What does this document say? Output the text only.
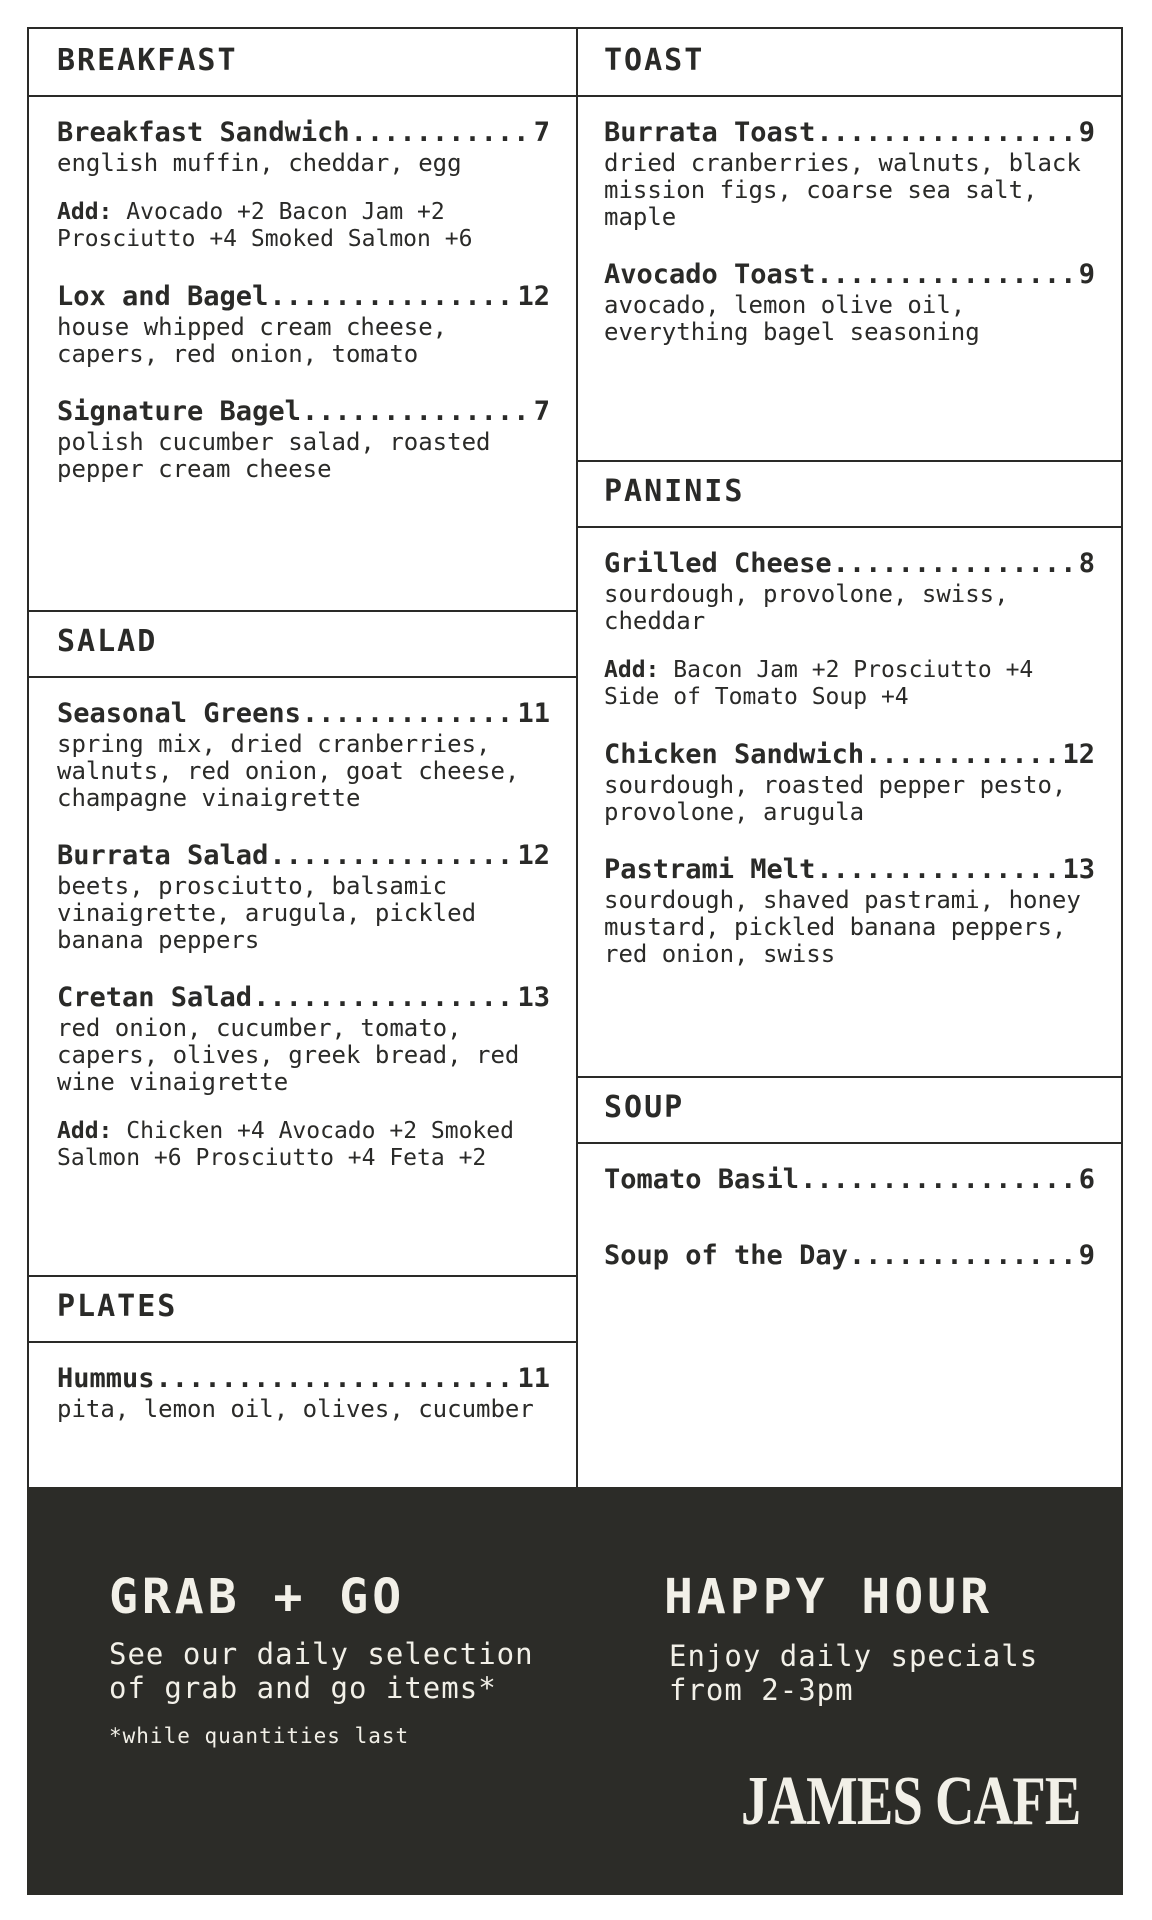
BREAKFAST
Breakfast Sandwich .....	7
english muffin, cheddar, egg
Add: Avocado +2 Bacon Jam +2 Prosciutto +4 Smoked Salmon +6
Lox and Bagel .....	12
house whipped cream cheese, capers, red onion, tomato
Signature Bagel .....	7
polish cucumber salad, roasted pepper cream cheese
SALAD
Seasonal Greens .....	11
spring mix, dried cranberries, walnuts, red onion, goat cheese, champagne vinaigrette
Burrata Salad .....	12
beets, prosciutto, balsamic vinaigrette, arugula, pickled banana peppers
Cretan Salad .....	13
red onion, cucumber, tomato, capers, olives, greek bread, red wine vinaigrette
Add: Chicken +4 Avocado +2 Smoked Salmon +6 Prosciutto +4 Feta +2
PLATES
Hummus .....	11
pita, lemon oil, olives, cucumber
TOAST
Burrata Toast .....	9
dried cranberries, walnuts, black mission figs, coarse sea salt, maple
Avocado Toast .....	9
avocado, lemon olive oil, everything bagel seasoning
PANINIS
Grilled Cheese .....	8
sourdough, provolone, swiss, cheddar
Add: Bacon Jam +2 Prosciutto +4 Side of Tomato Soup +4
Chicken Sandwich .....	12
sourdough, roasted pepper pesto, provolone, arugula
Pastrami Melt .....	13
sourdough, shaved pastrami, honey mustard, pickled banana peppers, red onion, swiss
SOUP
Tomato Basil .....	6
Soup of the Day .....	9
GRAB + GO
See our daily selection
of grab and go items*
*while quantities last
HAPPY HOUR
Enjoy daily specials
from 2-3pm
JAMES CAFE
